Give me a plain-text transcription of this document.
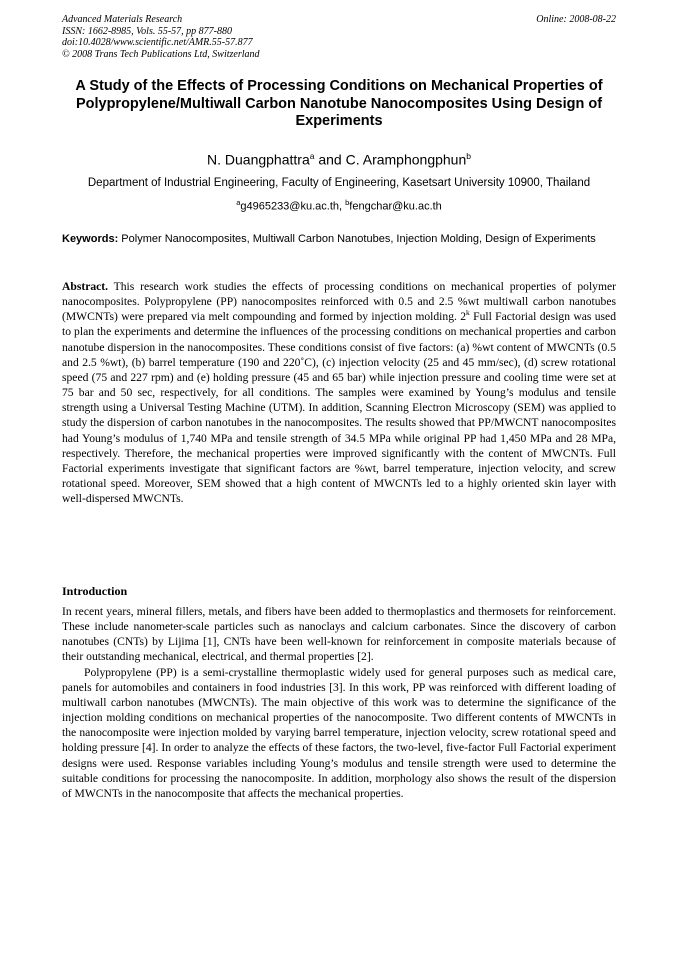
Advanced Materials Research
ISSN: 1662-8985, Vols. 55-57, pp 877-880
doi:10.4028/www.scientific.net/AMR.55-57.877
© 2008 Trans Tech Publications Ltd, Switzerland
Online: 2008-08-22
A Study of the Effects of Processing Conditions on Mechanical Properties of Polypropylene/Multiwall Carbon Nanotube Nanocomposites Using Design of Experiments
N. Duangphattra$^a$ and C. Aramphongphun$^b$
Department of Industrial Engineering, Faculty of Engineering, Kasetsart University 10900, Thailand
$^a$g4965233@ku.ac.th, $^b$fengchar@ku.ac.th
Keywords: Polymer Nanocomposites, Multiwall Carbon Nanotubes, Injection Molding, Design of Experiments
Abstract. This research work studies the effects of processing conditions on mechanical properties of polymer nanocomposites. Polypropylene (PP) nanocomposites reinforced with 0.5 and 2.5 %wt multiwall carbon nanotubes (MWCNTs) were prepared via melt compounding and formed by injection molding. 2$^k$ Full Factorial design was used to plan the experiments and determine the influences of the processing conditions on mechanical properties and carbon nanotube dispersion in the nanocomposites. These conditions consist of five factors: (a) %wt content of MWCNTs (0.5 and 2.5 %wt), (b) barrel temperature (190 and 220˚C), (c) injection velocity (25 and 45 mm/sec), (d) screw rotational speed (75 and 227 rpm) and (e) holding pressure (45 and 65 bar) while injection pressure and cooling time were set at 75 bar and 50 sec, respectively, for all conditions. The samples were examined by Young’s modulus and tensile strength using a Universal Testing Machine (UTM). In addition, Scanning Electron Microscopy (SEM) was applied to study the dispersion of carbon nanotubes in the nanocomposites. The results showed that PP/MWCNT nanocomposites had Young’s modulus of 1,740 MPa and tensile strength of 34.5 MPa while original PP had 1,450 MPa and 28 MPa, respectively. Therefore, the mechanical properties were improved significantly with the content of MWCNTs. Full Factorial experiments investigate that significant factors are %wt, barrel temperature, injection velocity, and screw rotational speed. Moreover, SEM showed that a high content of MWCNTs led to a highly oriented skin layer with well-dispersed MWCNTs.
Introduction

In recent years, mineral fillers, metals, and fibers have been added to thermoplastics and thermosets for reinforcement. These include nanometer-scale particles such as nanoclays and calcium carbonates. Since the discovery of carbon nanotubes (CNTs) by Lijima [1], CNTs have been well-known for reinforcement in composite materials because of their outstanding mechanical, electrical, and thermal properties [2].

Polypropylene (PP) is a semi-crystalline thermoplastic widely used for general purposes such as medical care, panels for automobiles and containers in food industries [3]. In this work, PP was reinforced with different loading of multiwall carbon nanotubes (MWCNTs). The main objective of this work was to determine the significance of the injection molding conditions on mechanical properties of the nanocomposite. Two different contents of MWCNTs in the nanocomposite were injection molded by varying barrel temperature, injection velocity, screw rotational speed and holding pressure [4]. In order to analyze the effects of these factors, the two-level, five-factor Full Factorial experiment designs were used. Response variables including Young’s modulus and tensile strength were used to determine the suitable conditions for processing the nanocomposite. In addition, morphology also shows the result of the dispersion of MWCNTs in the nanocomposite that affects the mechanical properties.
